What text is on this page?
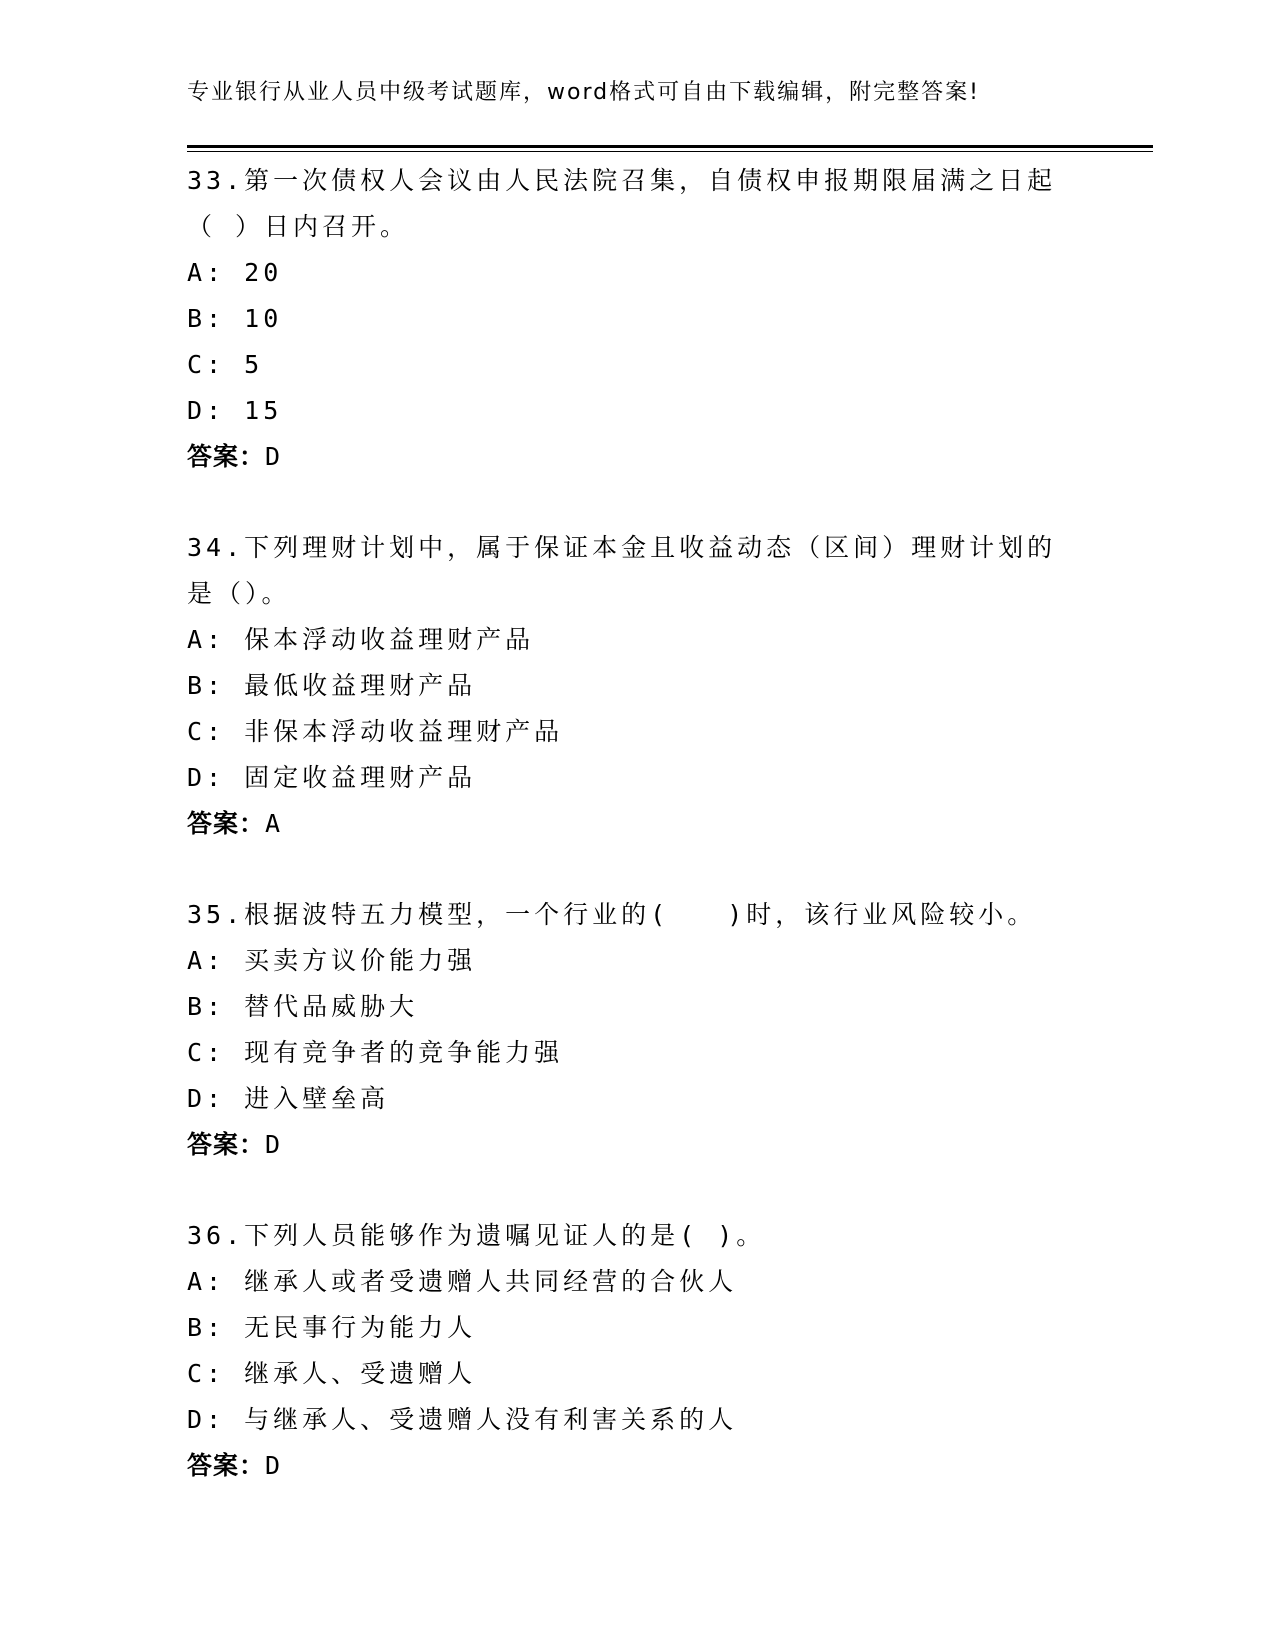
专业银行从业人员中级考试题库，word格式可自由下载编辑，附完整答案!
33.第一次债权人会议由人民法院召集，自债权申报期限届满之日起（ ）日内召开。
A: 20
B: 10
C: 5
D: 15
答案：D
34.下列理财计划中，属于保证本金且收益动态（区间）理财计划的是（）。
A: 保本浮动收益理财产品
B: 最低收益理财产品
C: 非保本浮动收益理财产品
D: 固定收益理财产品
答案：A
35.根据波特五力模型，一个行业的(　　)时，该行业风险较小。
A: 买卖方议价能力强
B: 替代品威胁大
C: 现有竞争者的竞争能力强
D: 进入壁垒高
答案：D
36.下列人员能够作为遗嘱见证人的是( )。
A: 继承人或者受遗赠人共同经营的合伙人
B: 无民事行为能力人
C: 继承人、受遗赠人
D: 与继承人、受遗赠人没有利害关系的人
答案：D
